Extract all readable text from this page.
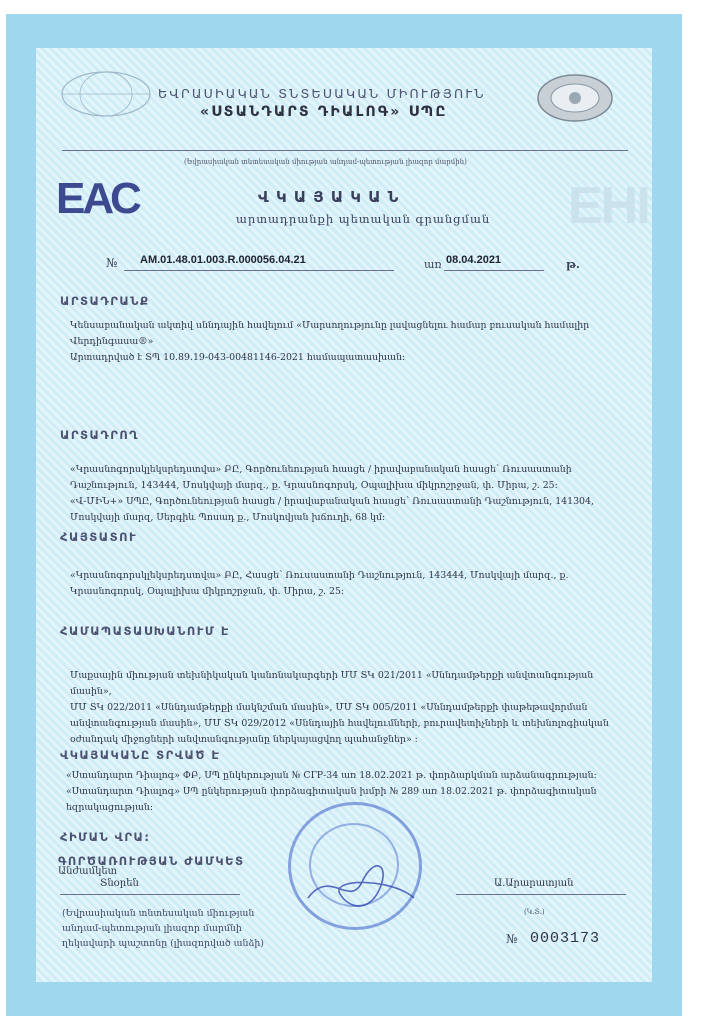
ԵՎՐԱՍԻԱԿԱՆ ՏՆՏԵՍԱԿԱՆ ՄԻՈՒԹՅՈՒՆ
«ՍՏԱՆԴԱՐՏ ԴԻԱԼՈԳ» ՍՊԸ
(Եվրասիական տնտեսական միության անդամ-պետության լիազոր մարմին)
EHI
ЕАС	Վ Կ Ա Յ Ա Կ Ա Ն
արտադրանքի պետական գրանցման
№ AM.01.48.01.003.R.000056.04.21	առ 08.04.2021	թ.
ԱՐՏԱԴՐԱՆՔ
Կենսաբանական ակտիվ սննդային հավելում «Մարսողությունը լավացնելու համար բուսական համալիր
Վերդինգասա®»
Արտադրված է ՏՊ 10.89.19-043-00481146-2021 համապատասխան:
ԱՐՏԱԴՐՈՂ
«Կրասնոգորսկլեկսրեդստվա» ԲԸ, Գործունեության հասցե / իրավաբանական հասցե՝ Ռուսաստանի
Դաշնություն, 143444, Մոսկվայի մարզ., ք. Կրասնոգորսկ, Օպալիխա միկրոշրջան, փ. Միրա, շ. 25:
«Վ-ՄԻՆ+» ՍՊԸ, Գործունեության հասցե / իրավաբանական հասցե՝ Ռուսաստանի Դաշնություն, 141304,
Մոսկվայի մարզ, Սերգիև Պոսադ ք., Մոսկովյան խճուղի, 68 կմ:
ՀԱՅՏԱՏՈՒ
«Կրասնոգորսկլեկսրեդստվա» ԲԸ, Հասցե՝ Ռուսաստանի Դաշնություն, 143444, Մոսկվայի մարզ., ք.
Կրասնոգորսկ, Օպալիխա միկրոշրջան, փ. Միրա, շ. 25:
ՀԱՄԱՊԱՏԱՍԽԱՆՈՒՄ Է
Մաքսային միության տեխնիկական կանոնակարգերի ՄՄ ՏԿ 021/2011 «Սննդամթերքի անվտանգության մասին»,
ՄՄ ՏԿ 022/2011 «Սննդամթերքի մակնշման մասին», ՄՄ ՏԿ 005/2011 «Սննդամթերքի փաթեթավորման
անվտանգության մասին», ՄՄ ՏԿ 029/2012 «Սննդային հավելումների, բուրավետիչների և տեխնոլոգիական
օժանդակ միջոցների անվտանգությանը ներկայացվող պահանջներ» :
ՎԿԱՅԱԿԱՆԸ ՏՐՎԱԾ Է
«Ստանդարտ Դիալոգ» ՓԲ, ՍՊ ընկերության № СГР-34 առ 18.02.2021 թ. փորձարկման արձանագրության:
«Ստանդարտ Դիալոգ» ՍՊ ընկերության փորձագիտական խմբի № 289 առ 18.02.2021 թ. փորձագիտական
եզրակացության:
ՀԻՄԱՆ ՎՐԱ:
ԳՈՐԾԱՌՈՒԹՅԱՆ ԺԱՄԿԵՏ
Անժամկետ
Տնօրեն	Ա.Արարատյան
(Եվրասիական տնտեսական միության
անդամ-պետության լիազոր մարմնի
ղեկավարի պաշտոնը (լիազորված անձի)
(Կ.Տ.)
№ 0003173
